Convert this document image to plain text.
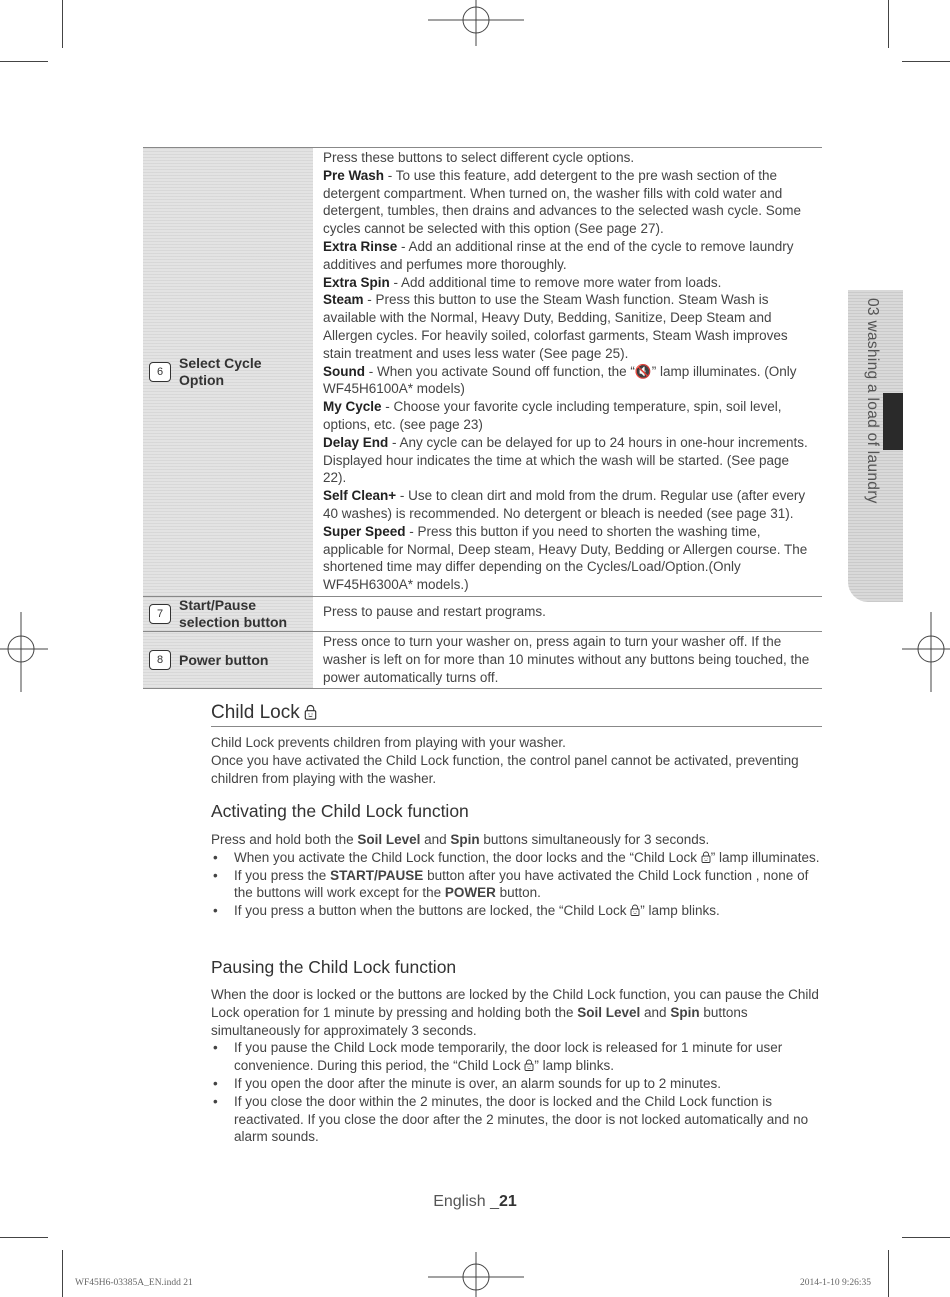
6
Select Cycle
Option

Press these buttons to select different cycle options.

Pre Wash - To use this feature, add detergent to the pre wash section of the detergent compartment. When turned on, the washer fills with cold water and detergent, tumbles, then drains and advances to the selected wash cycle. Some cycles cannot be selected with this option (See page 27).

Extra Rinse - Add an additional rinse at the end of the cycle to remove laundry additives and perfumes more thoroughly.

Extra Spin - Add additional time to remove more water from loads.

Steam - Press this button to use the Steam Wash function. Steam Wash is available with the Normal, Heavy Duty, Bedding, Sanitize, Deep Steam and Allergen cycles. For heavily soiled, colorfast garments, Steam Wash improves stain treatment and uses less water (See page 25).

Sound - When you activate Sound off function, the “🔇” lamp illuminates. (Only WF45H6100A* models)

My Cycle - Choose your favorite cycle including temperature, spin, soil level, options, etc. (see page 23)

Delay End - Any cycle can be delayed for up to 24 hours in one-hour increments. Displayed hour indicates the time at which the wash will be started. (See page 22).

Self Clean+ - Use to clean dirt and mold from the drum. Regular use (after every 40 washes) is recommended. No detergent or bleach is needed (see page 31).

Super Speed - Press this button if you need to shorten the washing time, applicable for Normal, Deep steam, Heavy Duty, Bedding or Allergen course. The shortened time may differ depending on the Cycles/Load/Option.(Only WF45H6300A* models.)

7
Start/Pause
selection button
Press to pause and restart programs.
8	Power button
Press once to turn your washer on, press again to turn your washer off. If the washer is left on for more than 10 minutes without any buttons being touched, the power automatically turns off.
Child Lock

Child Lock prevents children from playing with your washer.

Once you have activated the Child Lock function, the control panel cannot be activated, preventing children from playing with the washer.

Activating the Child Lock function

Press and hold both the Soil Level and Spin buttons simultaneously for 3 seconds.

• When you activate the Child Lock function, the door locks and the “Child Lock ” lamp illuminates.
• If you press the START/PAUSE button after you have activated the Child Lock function , none of the buttons will work except for the POWER button.
• If you press a button when the buttons are locked, the “Child Lock ” lamp blinks.
Pausing the Child Lock function

When the door is locked or the buttons are locked by the Child Lock function, you can pause the Child Lock operation for 1 minute by pressing and holding both the Soil Level and Spin buttons simultaneously for approximately 3 seconds.

• If you pause the Child Lock mode temporarily, the door lock is released for 1 minute for user convenience. During this period, the “Child Lock ” lamp blinks.
• If you open the door after the minute is over, an alarm sounds for up to 2 minutes.
• If you close the door within the 2 minutes, the door is locked and the Child Lock function is reactivated. If you close the door after the 2 minutes, the door is not locked automatically and no alarm sounds.
03 washing a load of laundry
English _21
WF45H6-03385A_EN.indd 21	2014-1-10 9:26:35
